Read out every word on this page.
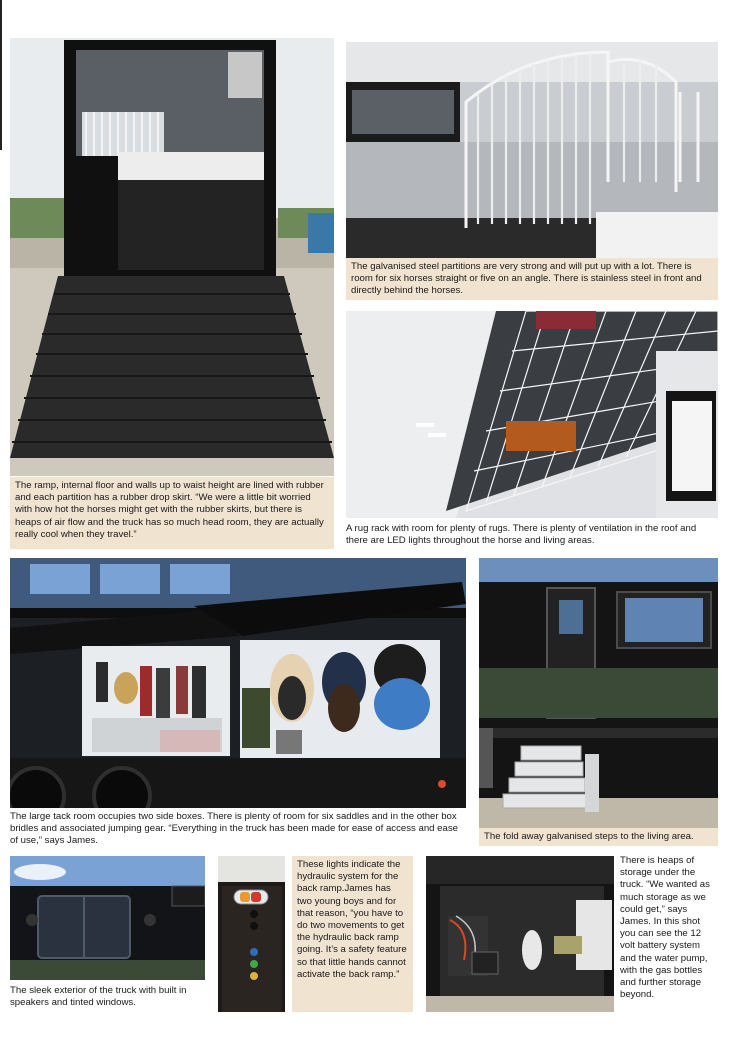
The ramp, internal floor and walls up to waist height are lined with rubber and each partition has a rubber drop skirt. “We were a little bit worried with how hot the horses might get with the rubber skirts, but there is heaps of air flow and the truck has so much head room, they are actually really cool when they travel.”
The galvanised steel partitions are very strong and will put up with a lot. There is room for six horses straight or five on an angle. There is stainless steel in front and directly behind the horses.
A rug rack with room for plenty of rugs. There is plenty of ventilation in the roof and there are LED lights throughout the horse and living areas.
The large tack room occupies two side boxes. There is plenty of room for six saddles and in the other box bridles and associated jumping gear. “Everything in the truck has been made for ease of access and ease of use,” says James.	The fold away galvanised steps to the living area.
The sleek exterior of the truck with built in speakers and tinted windows.
These lights indicate the hydraulic system for the back ramp.James has two young boys and for that reason, “you have to do two movements to get the hydraulic back ramp going. It’s a safety feature so that little hands cannot activate the back ramp.”
There is heaps of storage under the truck. “We wanted as much storage as we could get,” says James. In this shot you can see the 12 volt battery system and the water pump, with the gas bottles and further storage beyond.
